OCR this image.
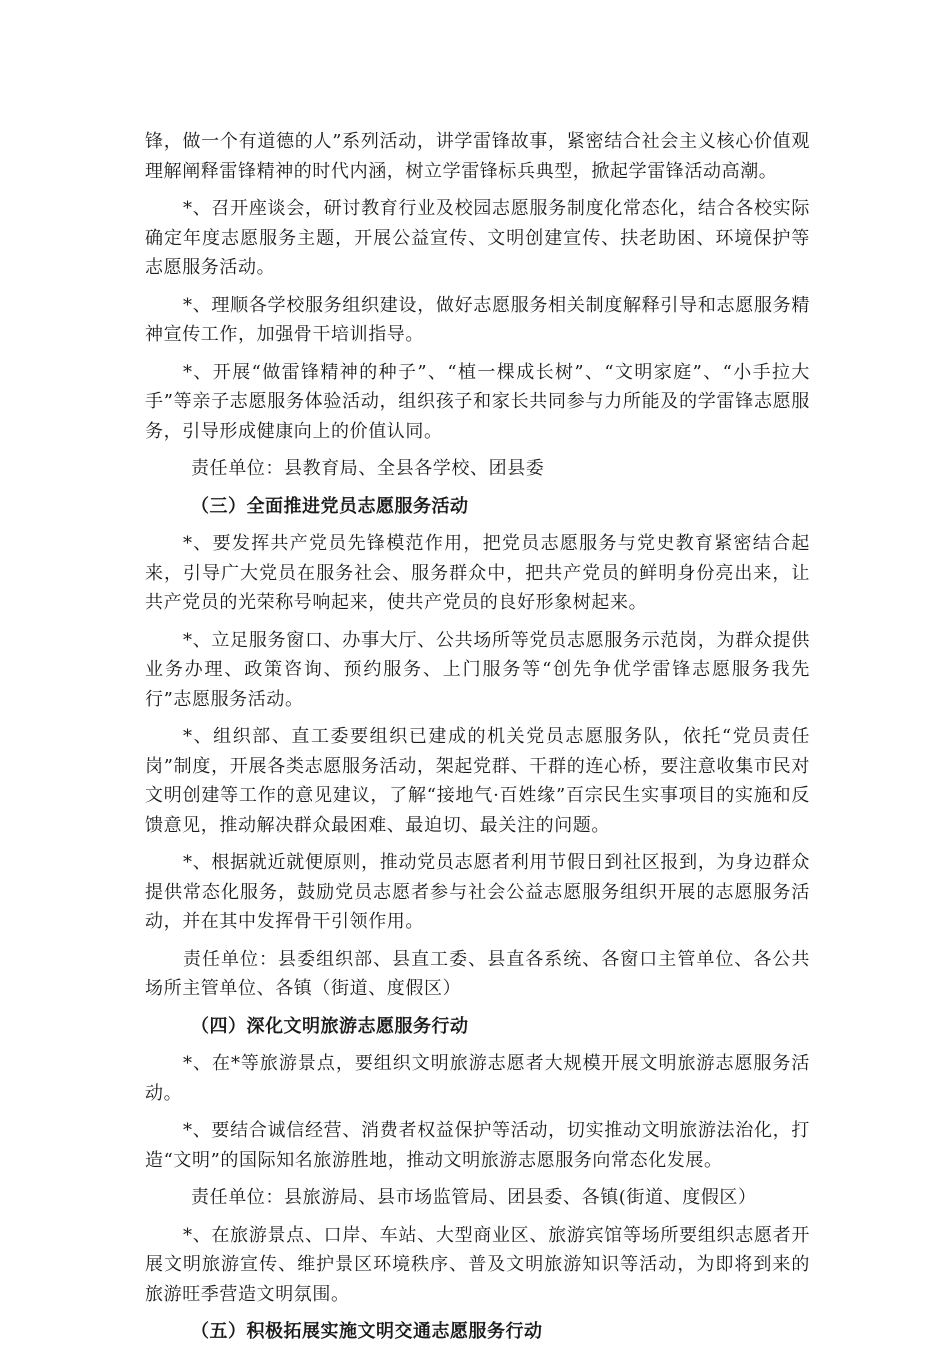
锋，做一个有道德的人”系列活动，讲学雷锋故事，紧密结合社会主义核心价值观理解阐释雷锋精神的时代内涵，树立学雷锋标兵典型，掀起学雷锋活动高潮。

*、召开座谈会，研讨教育行业及校园志愿服务制度化常态化，结合各校实际确定年度志愿服务主题，开展公益宣传、文明创建宣传、扶老助困、环境保护等志愿服务活动。

*、理顺各学校服务组织建设，做好志愿服务相关制度解释引导和志愿服务精神宣传工作，加强骨干培训指导。

*、开展“做雷锋精神的种子”、“植一棵成长树”、“文明家庭”、“小手拉大手”等亲子志愿服务体验活动，组织孩子和家长共同参与力所能及的学雷锋志愿服务，引导形成健康向上的价值认同。

责任单位：县教育局、全县各学校、团县委

（三）全面推进党员志愿服务活动

*、要发挥共产党员先锋模范作用，把党员志愿服务与党史教育紧密结合起来，引导广大党员在服务社会、服务群众中，把共产党员的鲜明身份亮出来，让共产党员的光荣称号响起来，使共产党员的良好形象树起来。

*、立足服务窗口、办事大厅、公共场所等党员志愿服务示范岗，为群众提供业务办理、政策咨询、预约服务、上门服务等“创先争优学雷锋志愿服务我先行”志愿服务活动。

*、组织部、直工委要组织已建成的机关党员志愿服务队，依托“党员责任岗”制度，开展各类志愿服务活动，架起党群、干群的连心桥，要注意收集市民对文明创建等工作的意见建议，了解“接地气·百姓缘”百宗民生实事项目的实施和反馈意见，推动解决群众最困难、最迫切、最关注的问题。

*、根据就近就便原则，推动党员志愿者利用节假日到社区报到，为身边群众提供常态化服务，鼓励党员志愿者参与社会公益志愿服务组织开展的志愿服务活动，并在其中发挥骨干引领作用。

责任单位：县委组织部、县直工委、县直各系统、各窗口主管单位、各公共场所主管单位、各镇（街道、度假区）

（四）深化文明旅游志愿服务行动

*、在*等旅游景点，要组织文明旅游志愿者大规模开展文明旅游志愿服务活动。

*、要结合诚信经营、消费者权益保护等活动，切实推动文明旅游法治化，打造“文明”的国际知名旅游胜地，推动文明旅游志愿服务向常态化发展。

责任单位：县旅游局、县市场监管局、团县委、各镇(街道、度假区）

*、在旅游景点、口岸、车站、大型商业区、旅游宾馆等场所要组织志愿者开展文明旅游宣传、维护景区环境秩序、普及文明旅游知识等活动，为即将到来的旅游旺季营造文明氛围。

（五）积极拓展实施文明交通志愿服务行动
